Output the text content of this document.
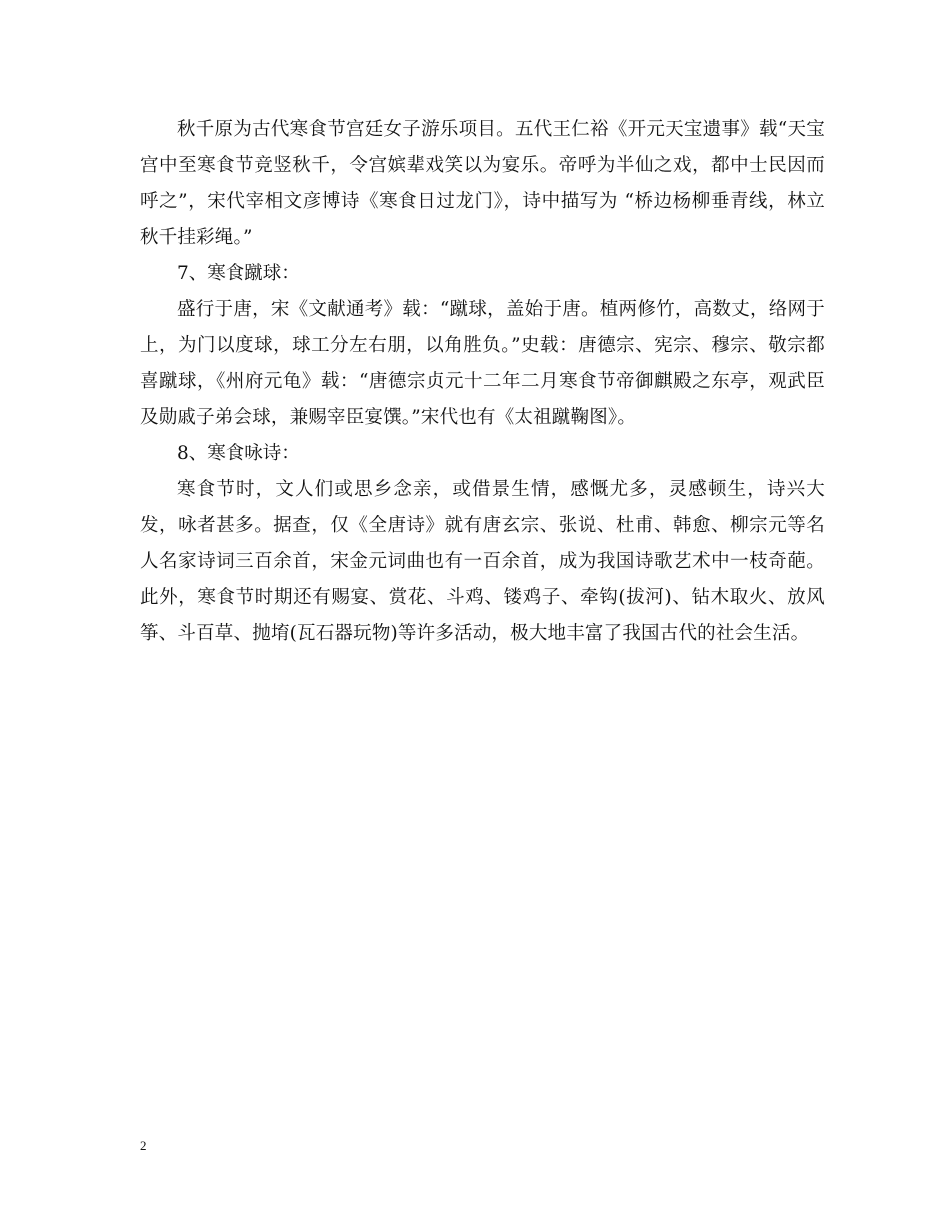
秋千原为古代寒食节宫廷女子游乐项目。五代王仁裕《开元天宝遗事》载“天宝宫中至寒食节竞竖秋千，令宫嫔辈戏笑以为宴乐。帝呼为半仙之戏，都中士民因而呼之”，宋代宰相文彦博诗《寒食日过龙门》，诗中描写为 “桥边杨柳垂青线，林立秋千挂彩绳。”

7、寒食蹴球：

盛行于唐，宋《文献通考》载：“蹴球，盖始于唐。植两修竹，高数丈，络网于上，为门以度球，球工分左右朋，以角胜负。”史载：唐德宗、宪宗、穆宗、敬宗都喜蹴球，《州府元龟》载：“唐德宗贞元十二年二月寒食节帝御麒殿之东亭，观武臣及勋戚子弟会球，兼赐宰臣宴馔。”宋代也有《太祖蹴鞠图》。

8、寒食咏诗：

寒食节时，文人们或思乡念亲，或借景生情，感慨尤多，灵感顿生，诗兴大发，咏者甚多。据查，仅《全唐诗》就有唐玄宗、张说、杜甫、韩愈、柳宗元等名人名家诗词三百余首，宋金元词曲也有一百余首，成为我国诗歌艺术中一枝奇葩。此外，寒食节时期还有赐宴、赏花、斗鸡、镂鸡子、牵钩(拔河)、钻木取火、放风筝、斗百草、抛堉(瓦石器玩物)等许多活动，极大地丰富了我国古代的社会生活。

2
